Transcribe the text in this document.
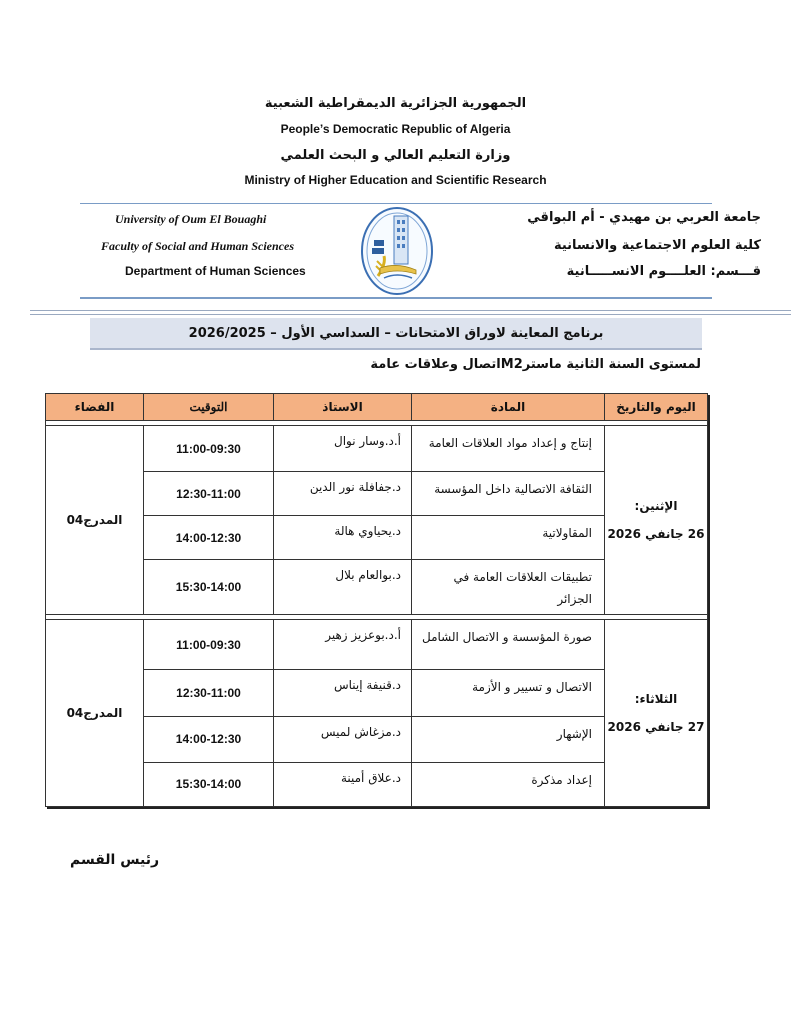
الجمهورية الجزائرية الديمقراطية الشعبية
People’s Democratic Republic of Algeria
وزارة التعليم العالي و البحث العلمي
Ministry of Higher Education and Scientific Research
University of Oum El Bouaghi
Faculty of Social and Human Sciences
Department of Human Sciences
جامعة العربي بن مهيدي - أم البواقي
كلية العلوم الاجتماعية والانسانية
قـــسم: العلــــوم الانســـــانية
برنامج المعاينة لاوراق الامتحانات – السداسي الأول – 2026/2025
لمستوى السنة الثانية ماسترM2اتصال وعلاقات عامة
اليوم والتاريخ	المادة	الاستاذ	التوقيت	الفضاء

الإثنين:
26 جانفي 2026	إنتاج و إعداد مواد العلاقات العامة	أ.د.وسار نوال	11:00-09:30	المدرج04

	الثقافة الاتصالية داخل المؤسسة	د.جفافلة نور الدين	12:30-11:00	

	المقاولاتية	د.يحياوي هالة	14:00-12:30	

	تطبيقات العلاقات العامة في الجزائر	د.بوالعام بلال	15:30-14:00	

الثلاثاء:
27 جانفي 2026	صورة المؤسسة و الاتصال الشامل	أ.د.بوعزيز زهير	11:00-09:30	المدرج04

	الاتصال و تسيير و الأزمة	د.قنيفة إيناس	12:30-11:00	

	الإشهار	د.مزغاش لميس	14:00-12:30	

	إعداد مذكرة	د.علاق أمينة	15:30-14:00	
رئيس القسم
